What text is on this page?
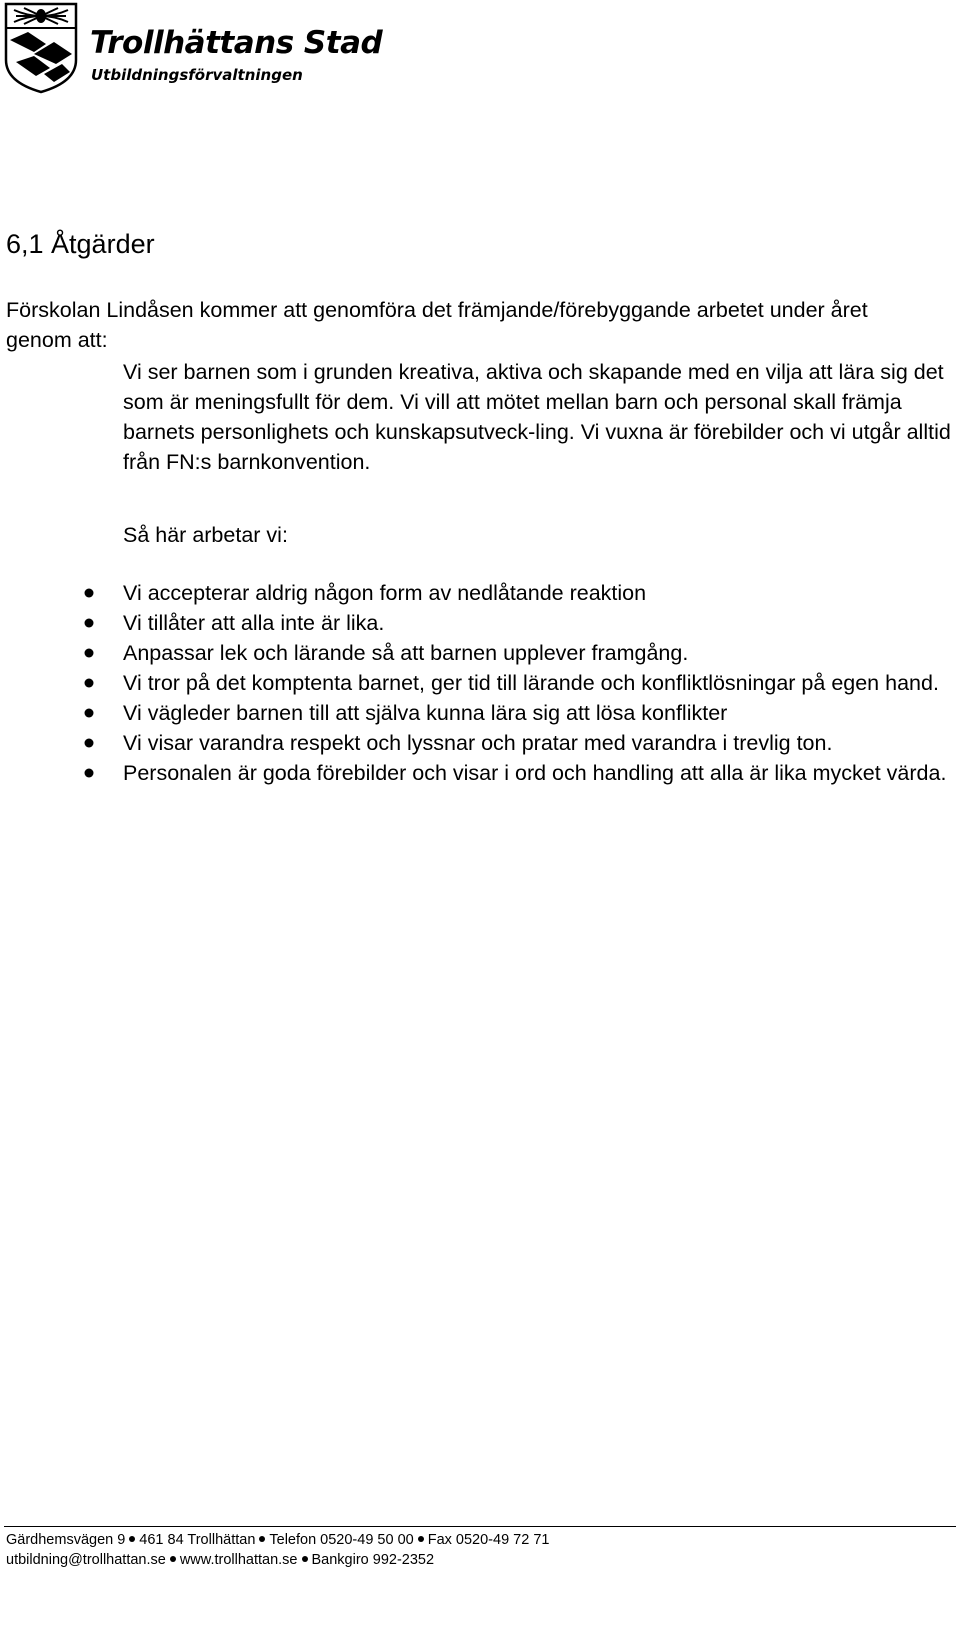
Trollhättans Stad
Utbildningsförvaltningen
6,1 Åtgärder

Förskolan Lindåsen kommer att genomföra det främjande/förebyggande arbetet under året genom att:

Vi ser barnen som i grunden kreativa, aktiva och skapande med en vilja att lära sig det som är meningsfullt för dem. Vi vill att mötet mellan barn och personal skall främja barnets personlighets och kunskapsutveck-ling. Vi vuxna är förebilder och vi utgår alltid från FN:s barnkonvention.

Så här arbetar vi:

Vi accepterar aldrig någon form av nedlåtande reaktion
Vi tillåter att alla inte är lika.
Anpassar lek och lärande så att barnen upplever framgång.
Vi tror på det komptenta barnet, ger tid till lärande och konfliktlösningar på egen hand.
Vi vägleder barnen till att själva kunna lära sig att lösa konflikter
Vi visar varandra respekt och lyssnar och pratar med varandra i trevlig ton.
Personalen är goda förebilder och visar i ord och handling att alla är lika mycket värda.
Gärdhemsvägen 9 461 84 Trollhättan Telefon 0520-49 50 00 Fax 0520-49 72 71
utbildning@trollhattan.se www.trollhattan.se Bankgiro 992-2352
